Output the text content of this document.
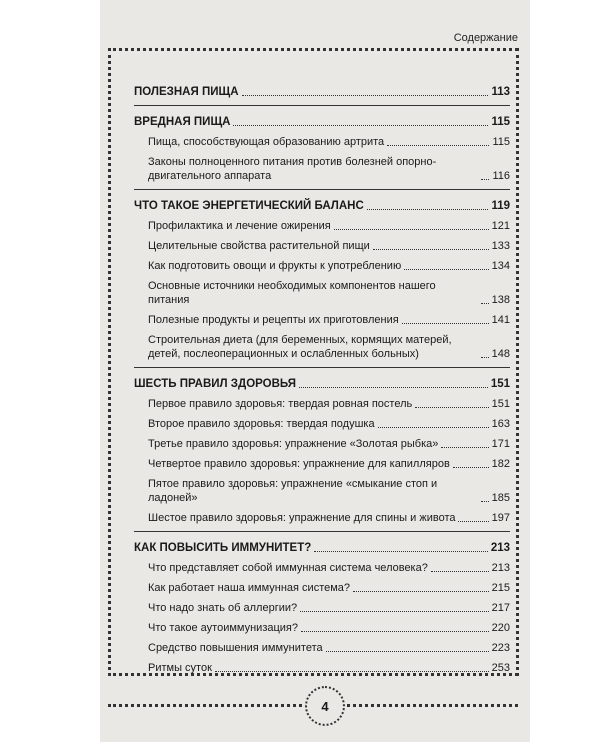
Содержание
ПОЛЕЗНАЯ ПИЩА	113
ВРЕДНАЯ ПИЩА	115
Пища, способствующая образованию артрита	115
Законы полноценного питания против болезней опорно-двигательного аппарата	116
ЧТО ТАКОЕ ЭНЕРГЕТИЧЕСКИЙ БАЛАНС	119
Профилактика и лечение ожирения	121
Целительные свойства растительной пищи	133
Как подготовить овощи и фрукты к употреблению	134
Основные источники необходимых компонентов нашего питания	138
Полезные продукты и рецепты их приготовления	141
Строительная диета (для беременных, кормящих матерей, детей, послеоперационных и ослабленных больных)	148
ШЕСТЬ ПРАВИЛ ЗДОРОВЬЯ	151
Первое правило здоровья: твердая ровная постель	151
Второе правило здоровья: твердая подушка	163
Третье правило здоровья: упражнение «Золотая рыбка»	171
Четвертое правило здоровья: упражнение для капилляров	182
Пятое правило здоровья: упражнение «смыкание стоп и ладоней»	185
Шестое правило здоровья: упражнение для спины и живота	197
КАК ПОВЫСИТЬ ИММУНИТЕТ?	213
Что представляет собой иммунная система человека?	213
Как работает наша иммунная система?	215
Что надо знать об аллергии?	217
Что такое аутоиммунизация?	220
Средство повышения иммунитета	223
Ритмы суток	253
4
